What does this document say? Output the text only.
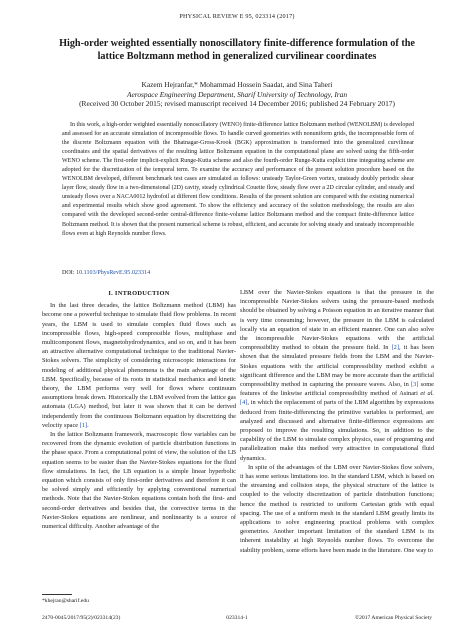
PHYSICAL REVIEW E 95, 023314 (2017)
High-order weighted essentially nonoscillatory finite-difference formulation of the
lattice Boltzmann method in generalized curvilinear coordinates
Kazem Hejranfar,* Mohammad Hossein Saadat, and Sina Taheri
Aerospace Engineering Department, Sharif University of Technology, Iran
(Received 30 October 2015; revised manuscript received 14 December 2016; published 24 February 2017)
In this work, a high-order weighted essentially nonoscillatory (WENO) finite-difference lattice Boltzmann method (WENOLBM) is developed and assessed for an accurate simulation of incompressible flows. To handle curved geometries with nonuniform grids, the incompressible form of the discrete Boltzmann equation with the Bhatnagar-Gross-Krook (BGK) approximation is transformed into the generalized curvilinear coordinates and the spatial derivatives of the resulting lattice Boltzmann equation in the computational plane are solved using the fifth-order WENO scheme. The first-order implicit-explicit Runge-Kutta scheme and also the fourth-order Runge-Kutta explicit time integrating scheme are adopted for the discretization of the temporal term. To examine the accuracy and performance of the present solution procedure based on the WENOLBM developed, different benchmark test cases are simulated as follows: unsteady Taylor-Green vortex, unsteady doubly periodic shear layer flow, steady flow in a two-dimensional (2D) cavity, steady cylindrical Couette flow, steady flow over a 2D circular cylinder, and steady and unsteady flows over a NACA0012 hydrofoil at different flow conditions. Results of the present solution are compared with the existing numerical and experimental results which show good agreement. To show the efficiency and accuracy of the solution methodology, the results are also compared with the developed second-order central-difference finite-volume lattice Boltzmann method and the compact finite-difference lattice Boltzmann method. It is shown that the present numerical scheme is robust, efficient, and accurate for solving steady and unsteady incompressible flows even at high Reynolds number flows.
DOI: 10.1103/PhysRevE.95.023314
I. INTRODUCTION

In the last three decades, the lattice Boltzmann method (LBM) has become one a powerful technique to simulate fluid flow problems. In recent years, the LBM is used to simulate complex fluid flows such as incompressible flows, high-speed compressible flows, multiphase and multicomponent flows, magnetohydrodynamics, and so on, and it has been an attractive alternative computational technique to the traditional Navier-Stokes solvers. The simplicity of considering microscopic interactions for modeling of additional physical phenomena is the main advantage of the LBM. Specifically, because of its roots in statistical mechanics and kinetic theory, the LBM performs very well for flows where continuum assumptions break down. Historically the LBM evolved from the lattice gas automata (LGA) method, but later it was shown that it can be derived independently from the continuous Boltzmann equation by discretizing the velocity space [1].

In the lattice Boltzmann framework, macroscopic flow variables can be recovered from the dynamic evolution of particle distribution functions in the phase space. From a computational point of view, the solution of the LB equation seems to be easier than the Navier-Stokes equations for the fluid flow simulations. In fact, the LB equation is a simple linear hyperbolic equation which consists of only first-order derivatives and therefore it can be solved simply and efficiently by applying conventional numerical methods. Note that the Navier-Stokes equations contain both the first- and second-order derivatives and besides that, the convective terms in the Navier-Stokes equations are nonlinear, and nonlinearity is a source of numerical difficulty. Another advantage of the

LBM over the Navier-Stokes equations is that the pressure in the incompressible Navier-Stokes solvers using the pressure-based methods should be obtained by solving a Poisson equation in an iterative manner that is very time consuming; however, the pressure in the LBM is calculated locally via an equation of state in an efficient manner. One can also solve the incompressible Navier-Stokes equations with the artificial compressibility method to obtain the pressure field. In [2], it has been shown that the simulated pressure fields from the LBM and the Navier-Stokes equations with the artificial compressibility method exhibit a significant difference and the LBM may be more accurate than the artificial compressibility method in capturing the pressure waves. Also, in [3] some features of the linkwise artificial compressibility method of Asinari et al. [4], in which the replacement of parts of the LBM algorithm by expressions deduced from finite-differencing the primitive variables is performed, are analyzed and discussed and alternative finite-difference expressions are proposed to improve the resulting simulations. So, in addition to the capability of the LBM to simulate complex physics, ease of programing and parallelization make this method very attractive in computational fluid dynamics.

In spite of the advantages of the LBM over Navier-Stokes flow solvers, it has some serious limitations too. In the standard LBM, which is based on the streaming and collision steps, the physical structure of the lattice is coupled to the velocity discretization of particle distribution functions; hence the method is restricted to uniform Cartesian grids with equal spacing. The use of a uniform mesh in the standard LBM greatly limits its applications to solve engineering practical problems with complex geometries. Another important limitation of the standard LBM is its inherent instability at high Reynolds number flows. To overcome the stability problem, some efforts have been made in the literature. One way to

*khejran@sharif.edu
2470-0045/2017/95(2)/023314(23)	023314-1	©2017 American Physical Society
